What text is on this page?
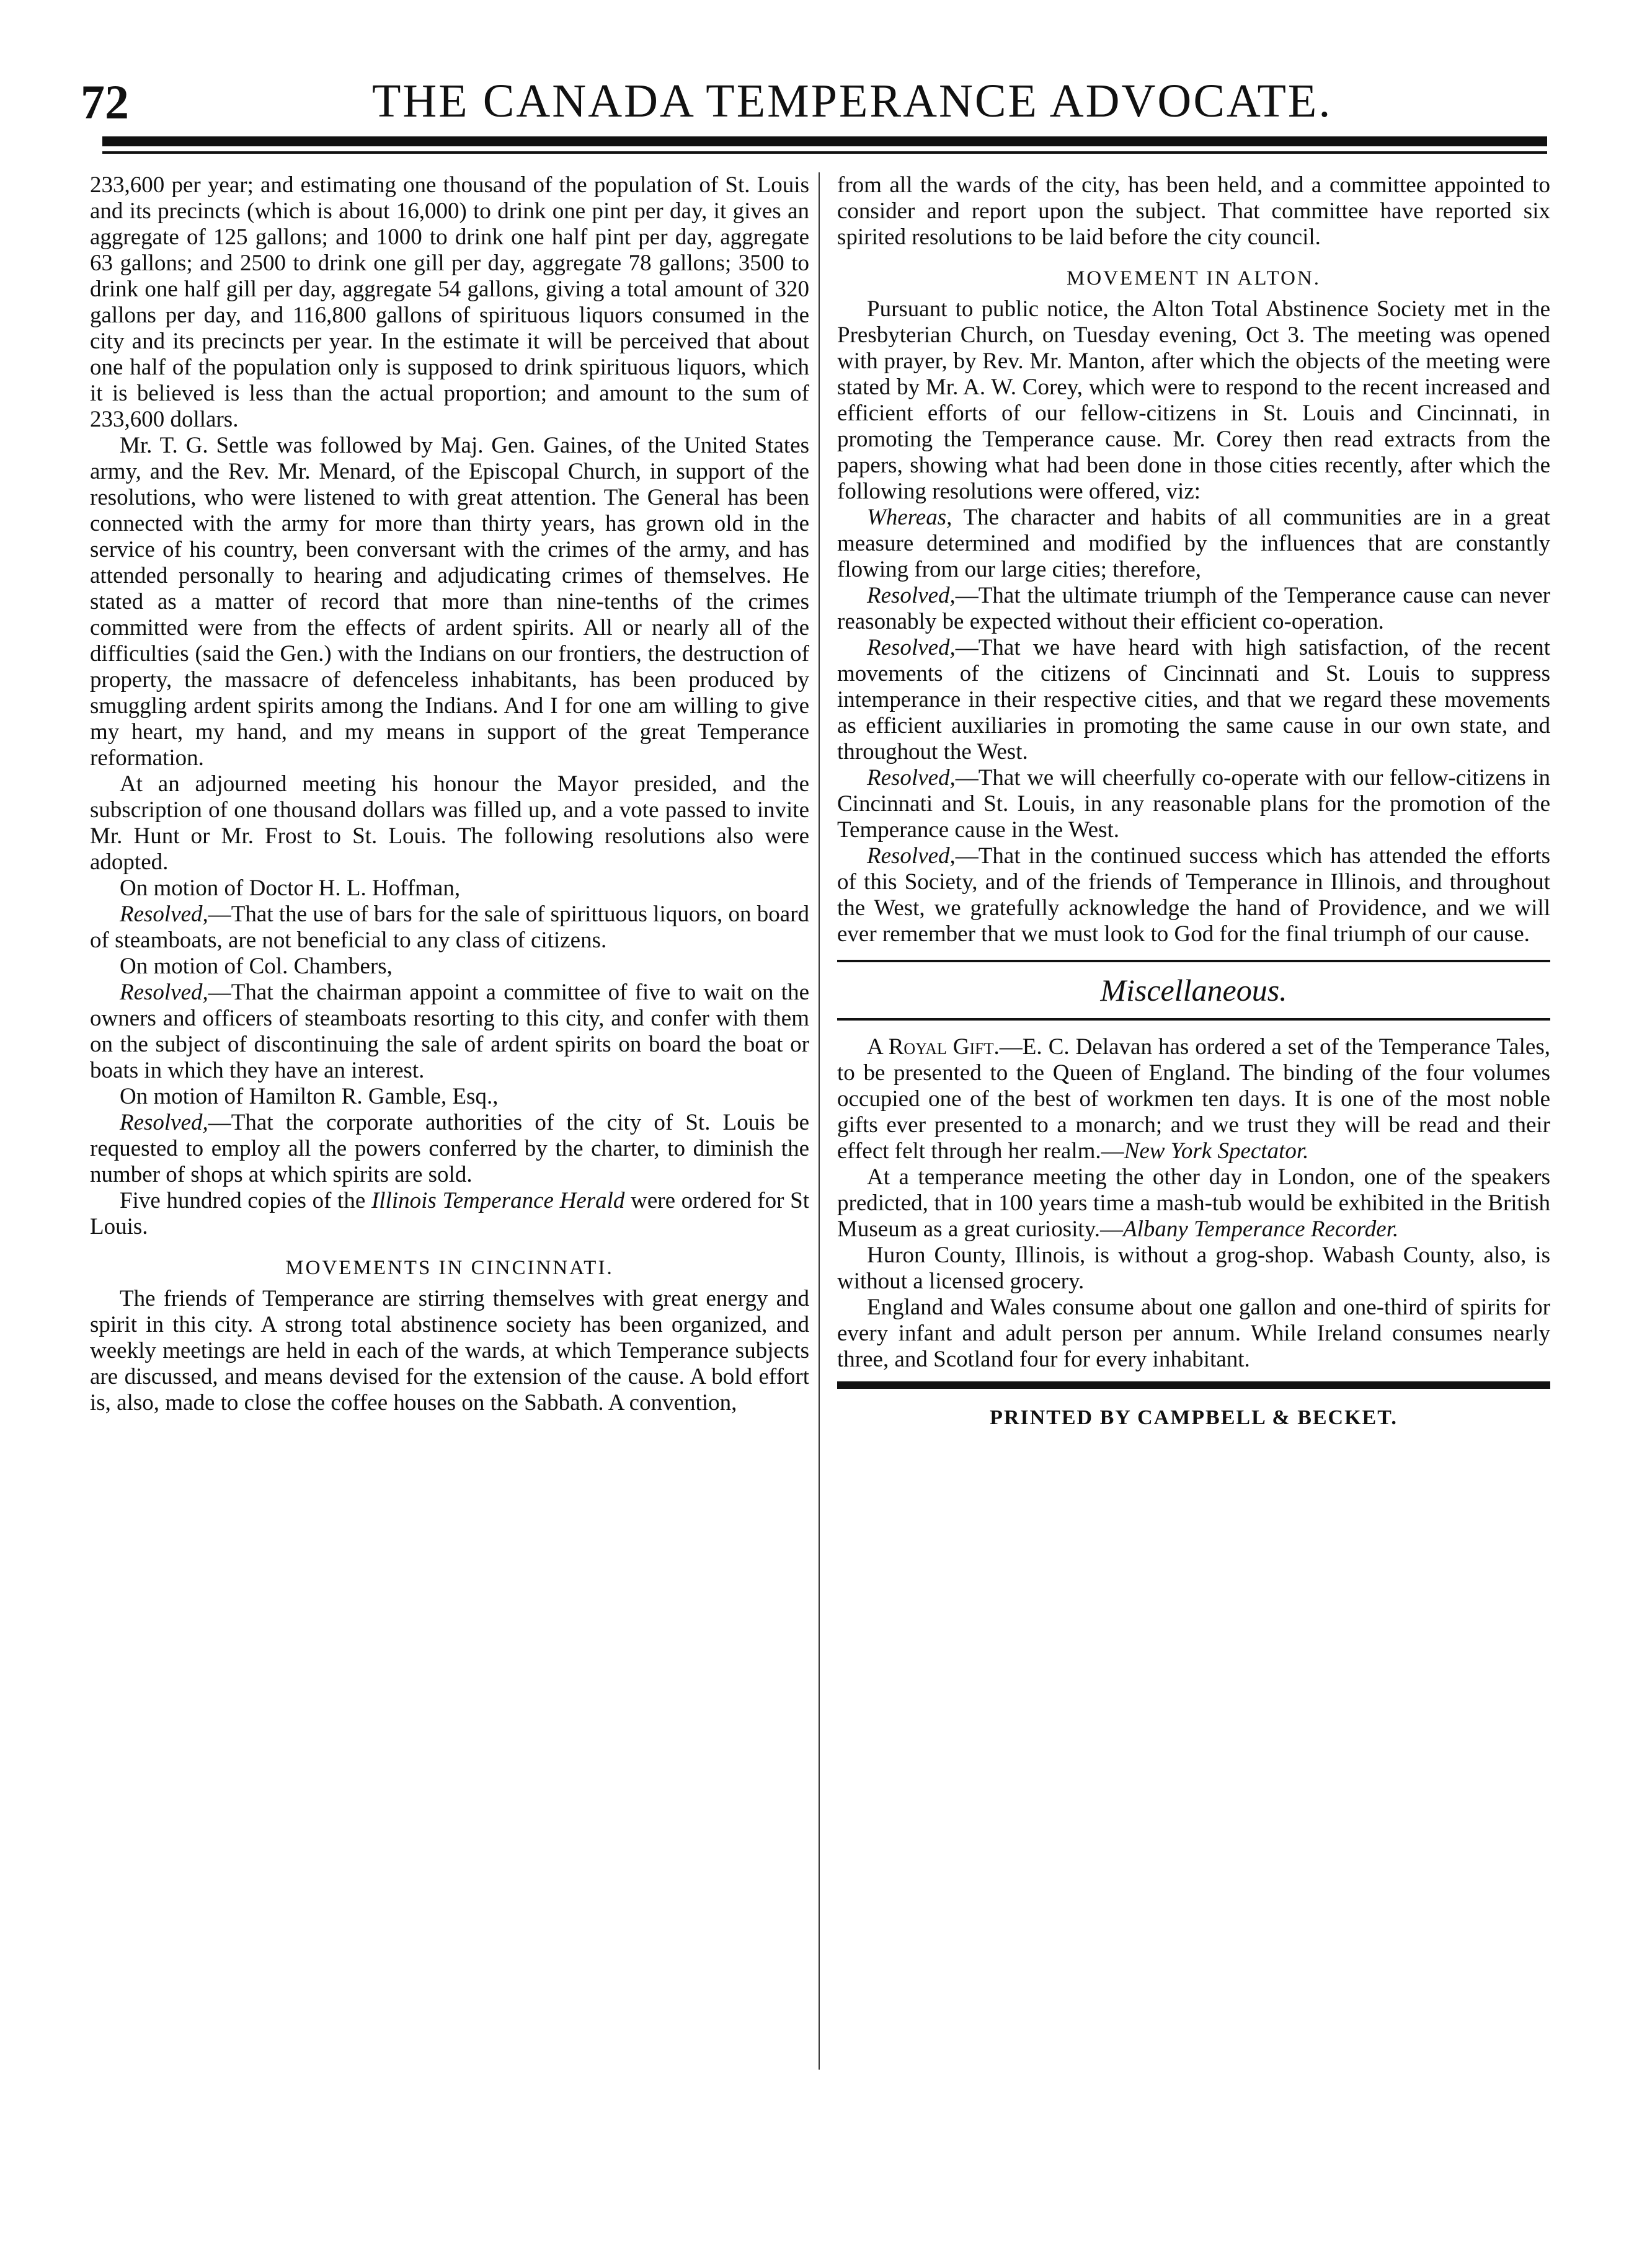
72	THE CANADA TEMPERANCE ADVOCATE.

233,600 per year; and estimating one thousand of the population of St. Louis and its precincts (which is about 16,000) to drink one pint per day, it gives an aggregate of 125 gallons; and 1000 to drink one half pint per day, aggregate 63 gallons; and 2500 to drink one gill per day, aggregate 78 gallons; 3500 to drink one half gill per day, aggregate 54 gallons, giving a total amount of 320 gallons per day, and 116,800 gallons of spirituous liquors consumed in the city and its precincts per year. In the estimate it will be perceived that about one half of the population only is supposed to drink spirituous liquors, which it is believed is less than the actual proportion; and amount to the sum of 233,600 dollars.

Mr. T. G. Settle was followed by Maj. Gen. Gaines, of the United States army, and the Rev. Mr. Menard, of the Episcopal Church, in support of the resolutions, who were listened to with great attention. The General has been connected with the army for more than thirty years, has grown old in the service of his country, been conversant with the crimes of the army, and has attended personally to hearing and adjudicating crimes of themselves. He stated as a matter of record that more than nine-tenths of the crimes committed were from the effects of ardent spirits. All or nearly all of the difficulties (said the Gen.) with the Indians on our frontiers, the destruction of property, the massacre of defenceless inhabitants, has been produced by smuggling ardent spirits among the Indians. And I for one am willing to give my heart, my hand, and my means in support of the great Temperance reformation.

At an adjourned meeting his honour the Mayor presided, and the subscription of one thousand dollars was filled up, and a vote passed to invite Mr. Hunt or Mr. Frost to St. Louis. The following resolutions also were adopted.

On motion of Doctor H. L. Hoffman,

Resolved,—That the use of bars for the sale of spirittuous liquors, on board of steamboats, are not beneficial to any class of citizens.

On motion of Col. Chambers,

Resolved,—That the chairman appoint a committee of five to wait on the owners and officers of steamboats resorting to this city, and confer with them on the subject of discontinuing the sale of ardent spirits on board the boat or boats in which they have an interest.

On motion of Hamilton R. Gamble, Esq.,

Resolved,—That the corporate authorities of the city of St. Louis be requested to employ all the powers conferred by the charter, to diminish the number of shops at which spirits are sold.

Five hundred copies of the Illinois Temperance Herald were ordered for St Louis.

MOVEMENTS IN CINCINNATI.

The friends of Temperance are stirring themselves with great energy and spirit in this city. A strong total abstinence society has been organized, and weekly meetings are held in each of the wards, at which Temperance subjects are discussed, and means devised for the extension of the cause. A bold effort is, also, made to close the coffee houses on the Sabbath. A convention,

from all the wards of the city, has been held, and a committee appointed to consider and report upon the subject. That committee have reported six spirited resolutions to be laid before the city council.

MOVEMENT IN ALTON.

Pursuant to public notice, the Alton Total Abstinence Society met in the Presbyterian Church, on Tuesday evening, Oct 3. The meeting was opened with prayer, by Rev. Mr. Manton, after which the objects of the meeting were stated by Mr. A. W. Corey, which were to respond to the recent increased and efficient efforts of our fellow-citizens in St. Louis and Cincinnati, in promoting the Temperance cause. Mr. Corey then read extracts from the papers, showing what had been done in those cities recently, after which the following resolutions were offered, viz:

Whereas, The character and habits of all communities are in a great measure determined and modified by the influences that are constantly flowing from our large cities; therefore,

Resolved,—That the ultimate triumph of the Temperance cause can never reasonably be expected without their efficient co-operation.

Resolved,—That we have heard with high satisfaction, of the recent movements of the citizens of Cincinnati and St. Louis to suppress intemperance in their respective cities, and that we regard these movements as efficient auxiliaries in promoting the same cause in our own state, and throughout the West.

Resolved,—That we will cheerfully co-operate with our fellow-citizens in Cincinnati and St. Louis, in any reasonable plans for the promotion of the Temperance cause in the West.

Resolved,—That in the continued success which has attended the efforts of this Society, and of the friends of Temperance in Illinois, and throughout the West, we gratefully acknowledge the hand of Providence, and we will ever remember that we must look to God for the final triumph of our cause.

Miscellaneous.

A Royal Gift.—E. C. Delavan has ordered a set of the Temperance Tales, to be presented to the Queen of England. The binding of the four volumes occupied one of the best of workmen ten days. It is one of the most noble gifts ever presented to a monarch; and we trust they will be read and their effect felt through her realm.—New York Spectator.

At a temperance meeting the other day in London, one of the speakers predicted, that in 100 years time a mash-tub would be exhibited in the British Museum as a great curiosity.—Albany Temperance Recorder.

Huron County, Illinois, is without a grog-shop. Wabash County, also, is without a licensed grocery.

England and Wales consume about one gallon and one-third of spirits for every infant and adult person per annum. While Ireland consumes nearly three, and Scotland four for every inhabitant.

PRINTED BY CAMPBELL & BECKET.
